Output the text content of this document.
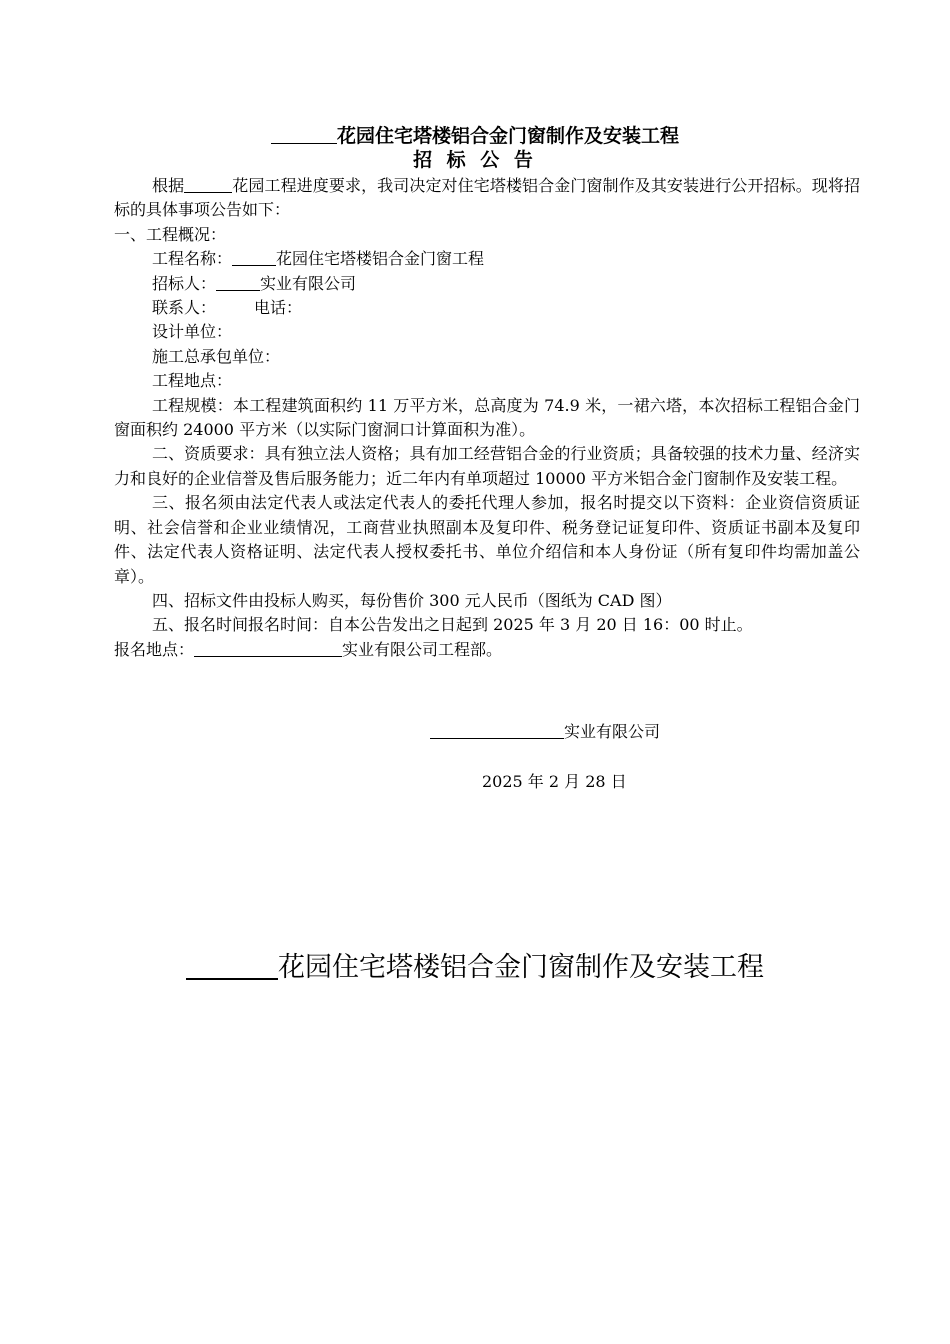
花园住宅塔楼铝合金门窗制作及安装工程
招 标 公 告

根据	花园工程进度要求，我司决定对住宅塔楼铝合金门窗制作及其安装进行公开招标。现将招标的具体事项公告如下：

一、工程概况：

工程名称：	花园住宅塔楼铝合金门窗工程

招标人：	实业有限公司

联系人： 电话：

设计单位：

施工总承包单位：

工程地点：

工程规模：本工程建筑面积约 11 万平方米，总高度为 74.9 米，一裙六塔，本次招标工程铝合金门窗面积约 24000 平方米（以实际门窗洞口计算面积为准）。

二、资质要求：具有独立法人资格；具有加工经营铝合金的行业资质；具备较强的技术力量、经济实力和良好的企业信誉及售后服务能力；近二年内有单项超过 10000 平方米铝合金门窗制作及安装工程。

三、报名须由法定代表人或法定代表人的委托代理人参加，报名时提交以下资料：企业资信资质证明、社会信誉和企业业绩情况，工商营业执照副本及复印件、税务登记证复印件、资质证书副本及复印件、法定代表人资格证明、法定代表人授权委托书、单位介绍信和本人身份证（所有复印件均需加盖公章）。

四、招标文件由投标人购买，每份售价 300 元人民币（图纸为 CAD 图）

五、报名时间报名时间：自本公告发出之日起到 2025 年 3 月 20 日 16：00 时止。

报名地点：	实业有限公司工程部。

实业有限公司
2025 年 2 月 28 日
花园住宅塔楼铝合金门窗制作及安装工程
